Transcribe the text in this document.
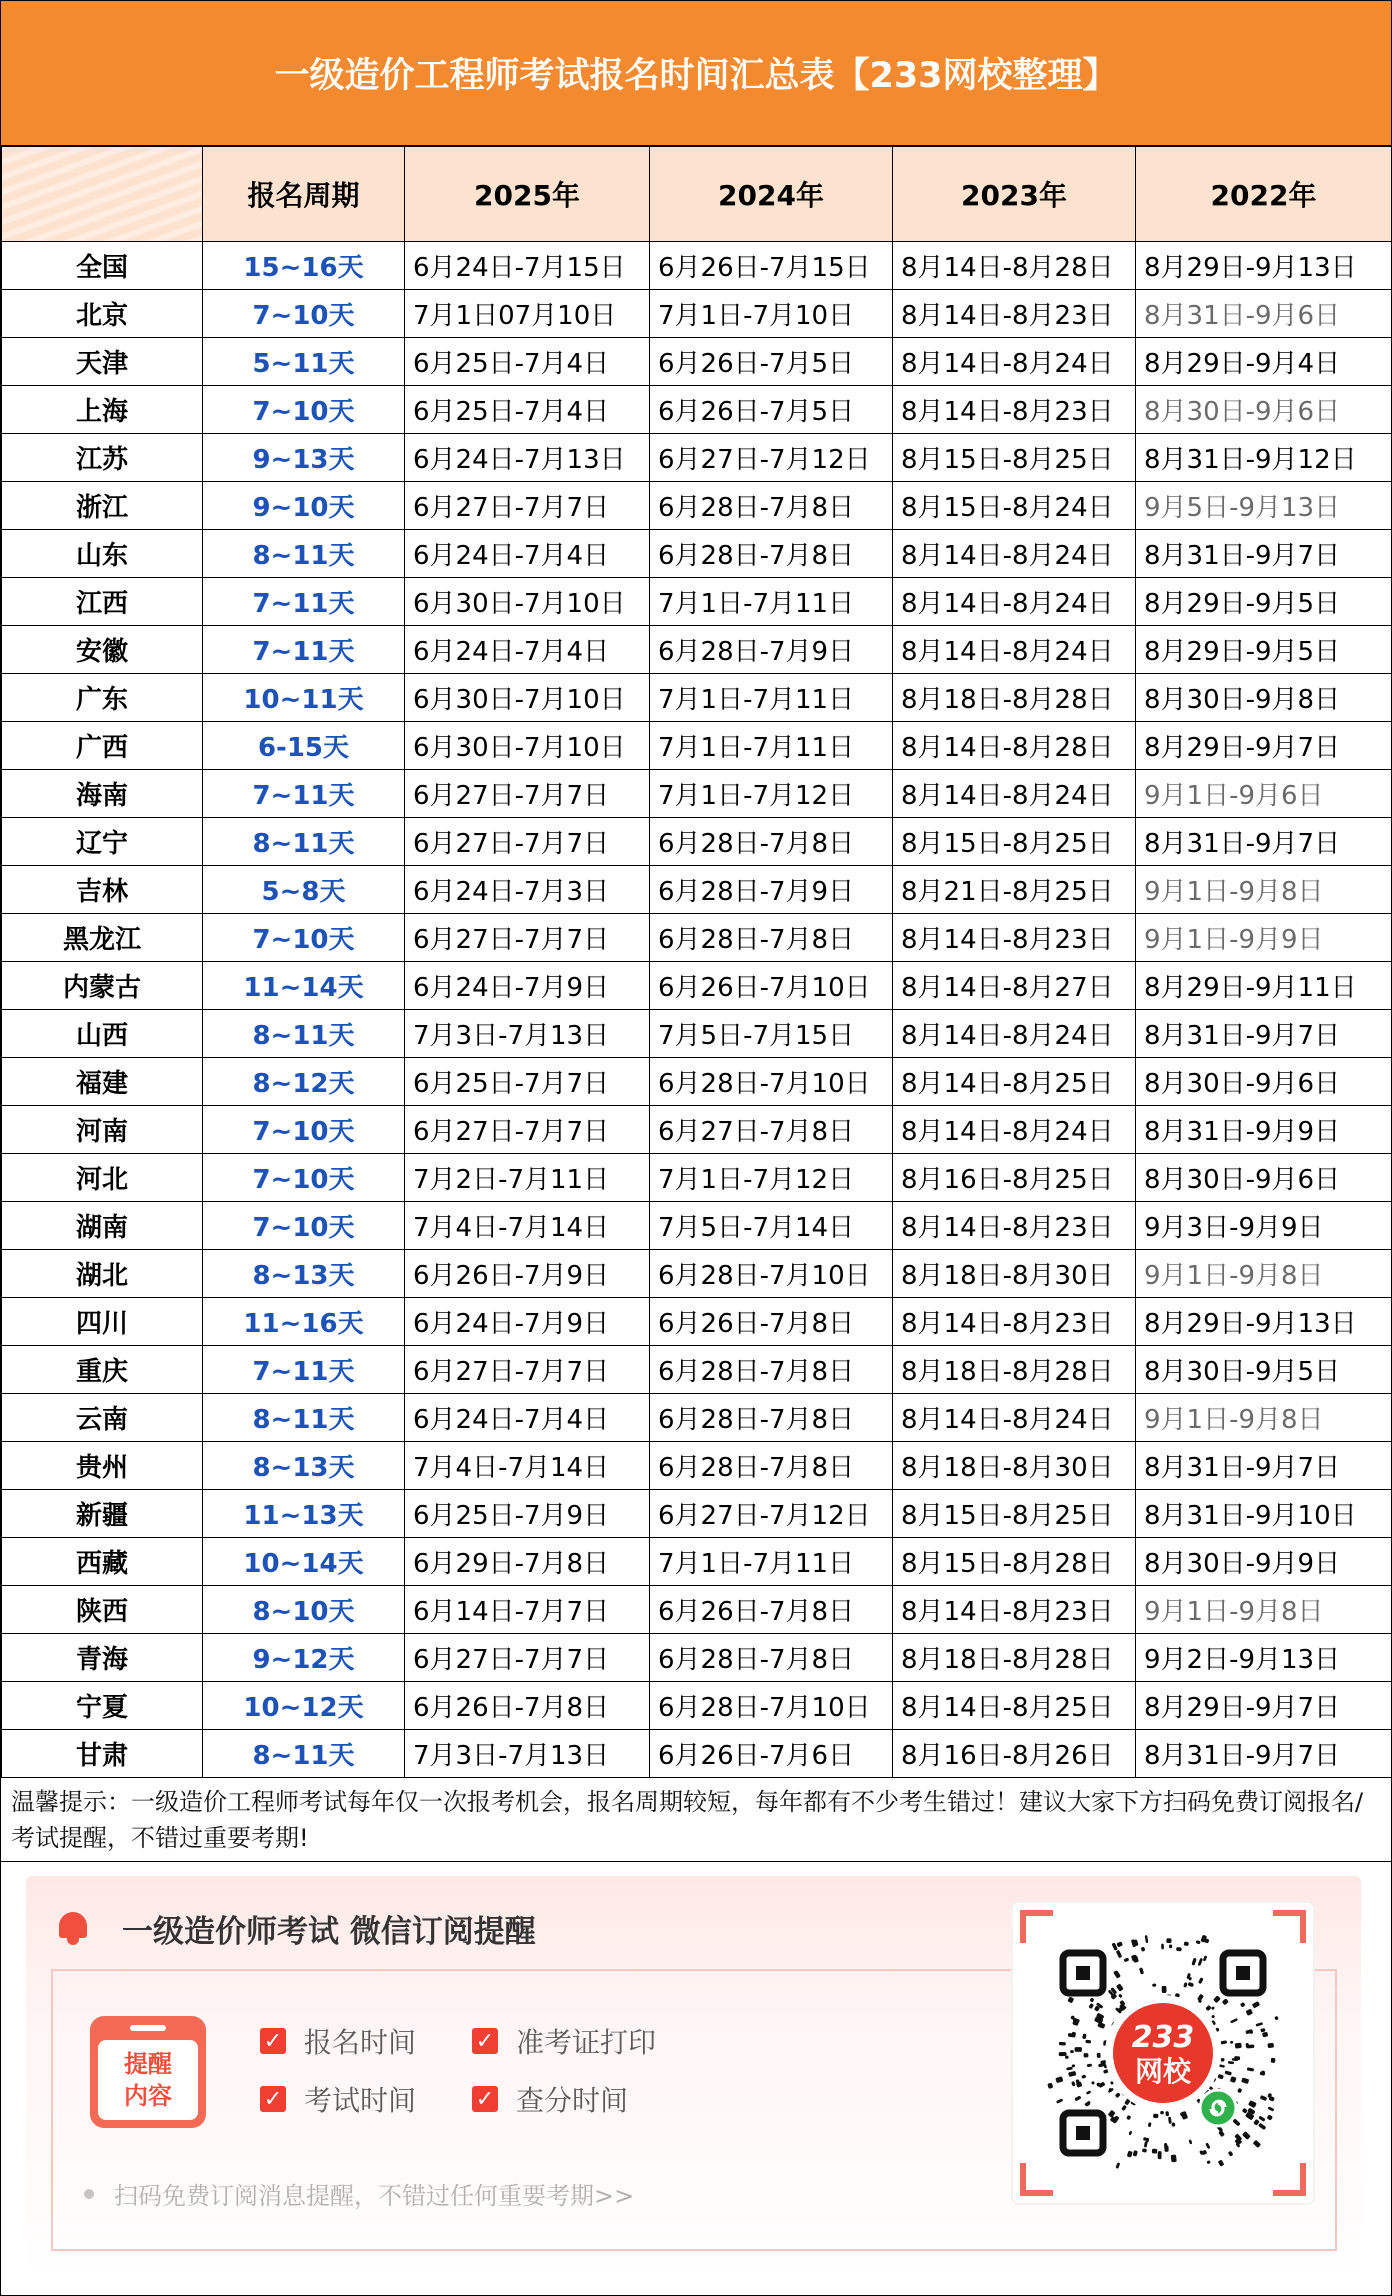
一级造价工程师考试报名时间汇总表【233网校整理】
	报名周期	2025年	2024年	2023年	2022年
全国	15~16天	6月24日-7月15日	6月26日-7月15日	8月14日-8月28日	8月29日-9月13日
北京	7~10天	7月1日07月10日	7月1日-7月10日	8月14日-8月23日	8月31日-9月6日
天津	5~11天	6月25日-7月4日	6月26日-7月5日	8月14日-8月24日	8月29日-9月4日
上海	7~10天	6月25日-7月4日	6月26日-7月5日	8月14日-8月23日	8月30日-9月6日
江苏	9~13天	6月24日-7月13日	6月27日-7月12日	8月15日-8月25日	8月31日-9月12日
浙江	9~10天	6月27日-7月7日	6月28日-7月8日	8月15日-8月24日	9月5日-9月13日
山东	8~11天	6月24日-7月4日	6月28日-7月8日	8月14日-8月24日	8月31日-9月7日
江西	7~11天	6月30日-7月10日	7月1日-7月11日	8月14日-8月24日	8月29日-9月5日
安徽	7~11天	6月24日-7月4日	6月28日-7月9日	8月14日-8月24日	8月29日-9月5日
广东	10~11天	6月30日-7月10日	7月1日-7月11日	8月18日-8月28日	8月30日-9月8日
广西	6-15天	6月30日-7月10日	7月1日-7月11日	8月14日-8月28日	8月29日-9月7日
海南	7~11天	6月27日-7月7日	7月1日-7月12日	8月14日-8月24日	9月1日-9月6日
辽宁	8~11天	6月27日-7月7日	6月28日-7月8日	8月15日-8月25日	8月31日-9月7日
吉林	5~8天	6月24日-7月3日	6月28日-7月9日	8月21日-8月25日	9月1日-9月8日
黑龙江	7~10天	6月27日-7月7日	6月28日-7月8日	8月14日-8月23日	9月1日-9月9日
内蒙古	11~14天	6月24日-7月9日	6月26日-7月10日	8月14日-8月27日	8月29日-9月11日
山西	8~11天	7月3日-7月13日	7月5日-7月15日	8月14日-8月24日	8月31日-9月7日
福建	8~12天	6月25日-7月7日	6月28日-7月10日	8月14日-8月25日	8月30日-9月6日
河南	7~10天	6月27日-7月7日	6月27日-7月8日	8月14日-8月24日	8月31日-9月9日
河北	7~10天	7月2日-7月11日	7月1日-7月12日	8月16日-8月25日	8月30日-9月6日
湖南	7~10天	7月4日-7月14日	7月5日-7月14日	8月14日-8月23日	9月3日-9月9日
湖北	8~13天	6月26日-7月9日	6月28日-7月10日	8月18日-8月30日	9月1日-9月8日
四川	11~16天	6月24日-7月9日	6月26日-7月8日	8月14日-8月23日	8月29日-9月13日
重庆	7~11天	6月27日-7月7日	6月28日-7月8日	8月18日-8月28日	8月30日-9月5日
云南	8~11天	6月24日-7月4日	6月28日-7月8日	8月14日-8月24日	9月1日-9月8日
贵州	8~13天	7月4日-7月14日	6月28日-7月8日	8月18日-8月30日	8月31日-9月7日
新疆	11~13天	6月25日-7月9日	6月27日-7月12日	8月15日-8月25日	8月31日-9月10日
西藏	10~14天	6月29日-7月8日	7月1日-7月11日	8月15日-8月28日	8月30日-9月9日
陕西	8~10天	6月14日-7月7日	6月26日-7月8日	8月14日-8月23日	9月1日-9月8日
青海	9~12天	6月27日-7月7日	6月28日-7月8日	8月18日-8月28日	9月2日-9月13日
宁夏	10~12天	6月26日-7月8日	6月28日-7月10日	8月14日-8月25日	8月29日-9月7日
甘肃	8~11天	7月3日-7月13日	6月26日-7月6日	8月16日-8月26日	8月31日-9月7日
温馨提示：一级造价工程师考试每年仅一次报考机会，报名周期较短，每年都有不少考生错过！建议大家下方扫码免费订阅报名/考试提醒，不错过重要考期!
一级造价师考试 微信订阅提醒
提醒
内容
✓ 报名时间	✓ 准考证打印
✓ 考试时间	✓ 查分时间
扫码免费订阅消息提醒，不错过任何重要考期>>
233
网校
